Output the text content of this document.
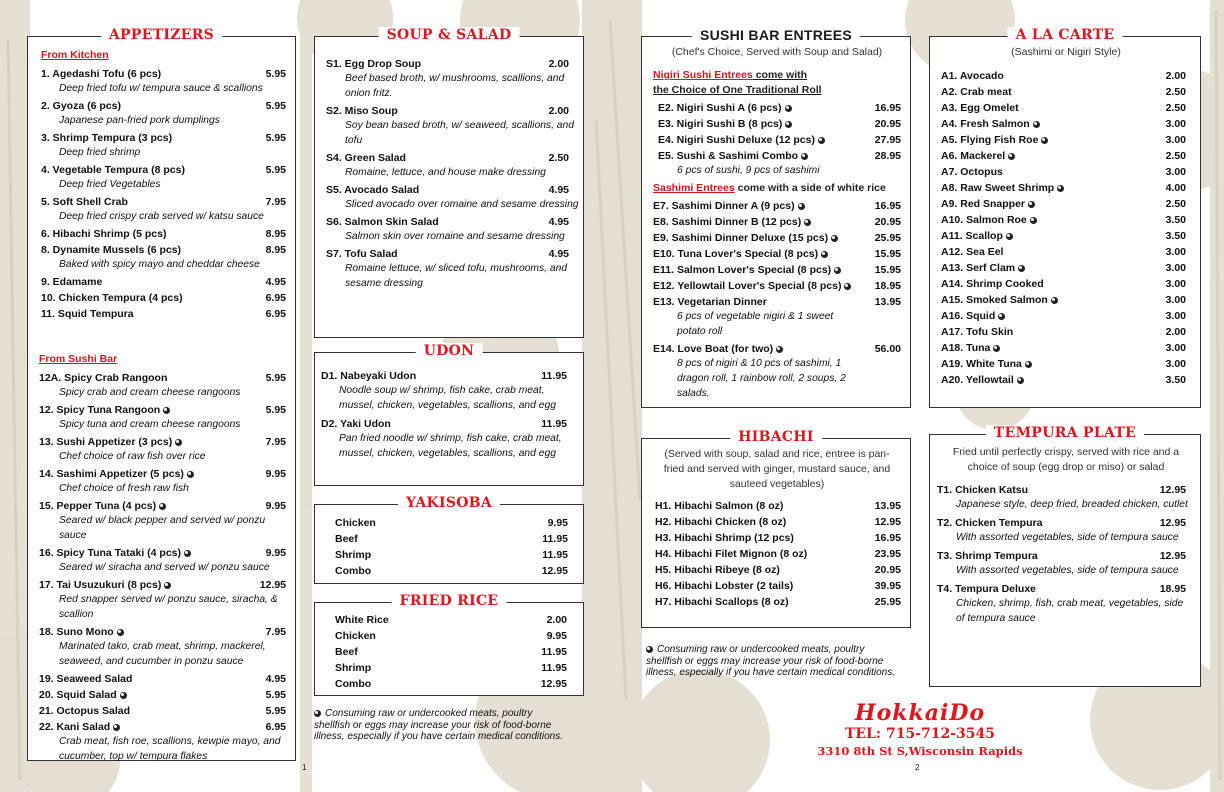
APPETIZERS
From Kitchen
From Sushi Bar
1. Agedashi Tofu (6 pcs)	5.95
Deep fried tofu w/ tempura sauce & scallions
2. Gyoza (6 pcs)	5.95
Japanese pan-fried pork dumplings
3. Shrimp Tempura (3 pcs)	5.95
Deep fried shrimp
4. Vegetable Tempura (8 pcs)	5.95
Deep fried Vegetables
5. Soft Shell Crab	7.95
Deep fried crispy crab served w/ katsu sauce
6. Hibachi Shrimp (5 pcs)	8.95
8. Dynamite Mussels (6 pcs)	8.95
Baked with spicy mayo and cheddar cheese
9. Edamame	4.95
10. Chicken Tempura (4 pcs)	6.95
11. Squid Tempura	6.95
12A. Spicy Crab Rangoon	5.95
Spicy crab and cream cheese rangoons
12. Spicy Tuna Rangoon	5.95
Spicy tuna and cream cheese rangoons
13. Sushi Appetizer (3 pcs)	7.95
Chef choice of raw fish over rice
14. Sashimi Appetizer (5 pcs)	9.95
Chef choice of fresh raw fish
15. Pepper Tuna (4 pcs)	9.95
Seared w/ black pepper and served w/ ponzu sauce
16. Spicy Tuna Tataki (4 pcs)	9.95
Seared w/ siracha and served w/ ponzu sauce
17. Tai Usuzukuri (8 pcs)	12.95
Red snapper served w/ ponzu sauce, siracha, & scallion
18. Suno Mono	7.95
Marinated tako, crab meat, shrimp, mackerel, seaweed, and cucumber in ponzu sauce
19. Seaweed Salad	4.95
20. Squid Salad	5.95
21. Octopus Salad	5.95
22. Kani Salad	6.95
Crab meat, fish roe, scallions, kewpie mayo, and cucumber, top w/ tempura flakes
1
SOUP & SALAD
S1. Egg Drop Soup	2.00
Beef based broth, w/ mushrooms, scallions, and onion fritz.
S2. Miso Soup	2.00
Soy bean based broth, w/ seaweed, scallions, and tofu
S4. Green Salad	2.50
Romaine, lettuce, and house make dressing
S5. Avocado Salad	4.95
Sliced avocado over romaine and sesame dressing
S6. Salmon Skin Salad	4.95
Salmon skin over romaine and sesame dressing
S7. Tofu Salad	4.95
Romaine lettuce, w/ sliced tofu, mushrooms, and sesame dressing
UDON
D1. Nabeyaki Udon	11.95
Noodle soup w/ shrimp, fish cake, crab meat, mussel, chicken, vegetables, scallions, and egg
D2. Yaki Udon	11.95
Pan fried noodle w/ shrimp, fish cake, crab meat, mussel, chicken, vegetables, scallions, and egg
YAKISOBA
Chicken	9.95
Beef	11.95
Shrimp	11.95
Combo	12.95
FRIED RICE
White Rice	2.00
Chicken	9.95
Beef	11.95
Shrimp	11.95
Combo	12.95
Consuming raw or undercooked meats, poultry shellfish or eggs may increase your risk of food-borne illness, especially if you have certain medical conditions.
SUSHI BAR ENTREES
(Chef's Choice, Served with Soup and Salad)
Nigiri Sushi Entrees come with
the Choice of One Traditional Roll
Sashimi Entrees come with a side of white rice
E2. Nigiri Sushi A (6 pcs)	16.95
E3. Nigiri Sushi B (8 pcs)	20.95
E4. Nigiri Sushi Deluxe (12 pcs)	27.95
E5. Sushi & Sashimi Combo	28.95
6 pcs of sushi, 9 pcs of sashimi
E7. Sashimi Dinner A (9 pcs)	16.95
E8. Sashimi Dinner B (12 pcs)	20.95
E9. Sashimi Dinner Deluxe (15 pcs)	25.95
E10. Tuna Lover's Special (8 pcs)	15.95
E11. Salmon Lover's Special (8 pcs)	15.95
E12. Yellowtail Lover's Special (8 pcs)	18.95
E13. Vegetarian Dinner	13.95
6 pcs of vegetable nigiri & 1 sweet potato roll
E14. Love Boat (for two)	56.00
8 pcs of nigiri & 10 pcs of sashimi, 1 dragon roll, 1 rainbow roll, 2 soups, 2 salads.
A LA CARTE
(Sashimi or Nigiri Style)
A1. Avocado	2.00
A2. Crab meat	2.50
A3. Egg Omelet	2.50
A4. Fresh Salmon	3.00
A5. Flying Fish Roe	3.00
A6. Mackerel	2.50
A7. Octopus	3.00
A8. Raw Sweet Shrimp	4.00
A9. Red Snapper	2.50
A10. Salmon Roe	3.50
A11. Scallop	3.50
A12. Sea Eel	3.00
A13. Serf Clam	3.00
A14. Shrimp Cooked	3.00
A15. Smoked Salmon	3.00
A16. Squid	3.00
A17. Tofu Skin	2.00
A18. Tuna	3.00
A19. White Tuna	3.00
A20. Yellowtail	3.50
HIBACHI
(Served with soup, salad and rice, entree is pan-fried and served with ginger, mustard sauce, and sauteed vegetables)
H1. Hibachi Salmon (8 oz)	13.95
H2. Hibachi Chicken (8 oz)	12.95
H3. Hibachi Shrimp (12 pcs)	16.95
H4. Hibachi Filet Mignon (8 oz)	23.95
H5. Hibachi Ribeye (8 oz)	20.95
H6. Hibachi Lobster (2 tails)	39.95
H7. Hibachi Scallops (8 oz)	25.95
TEMPURA PLATE
Fried until perfectly crispy, served with rice and a choice of soup (egg drop or miso) or salad
T1. Chicken Katsu	12.95
Japanese style, deep fried, breaded chicken, cutlet
T2. Chicken Tempura	12.95
With assorted vegetables, side of tempura sauce
T3. Shrimp Tempura	12.95
With assorted vegetables, side of tempura sauce
T4. Tempura Deluxe	18.95
Chicken, shrimp, fish, crab meat, vegetables, side of tempura sauce
Consuming raw or undercooked meats, poultry shellfish or eggs may increase your risk of food-borne illness, especially if you have certain medical conditions.
HokkaiDo
TEL: 715-712-3545
3310 8th St S,Wisconsin Rapids
2
